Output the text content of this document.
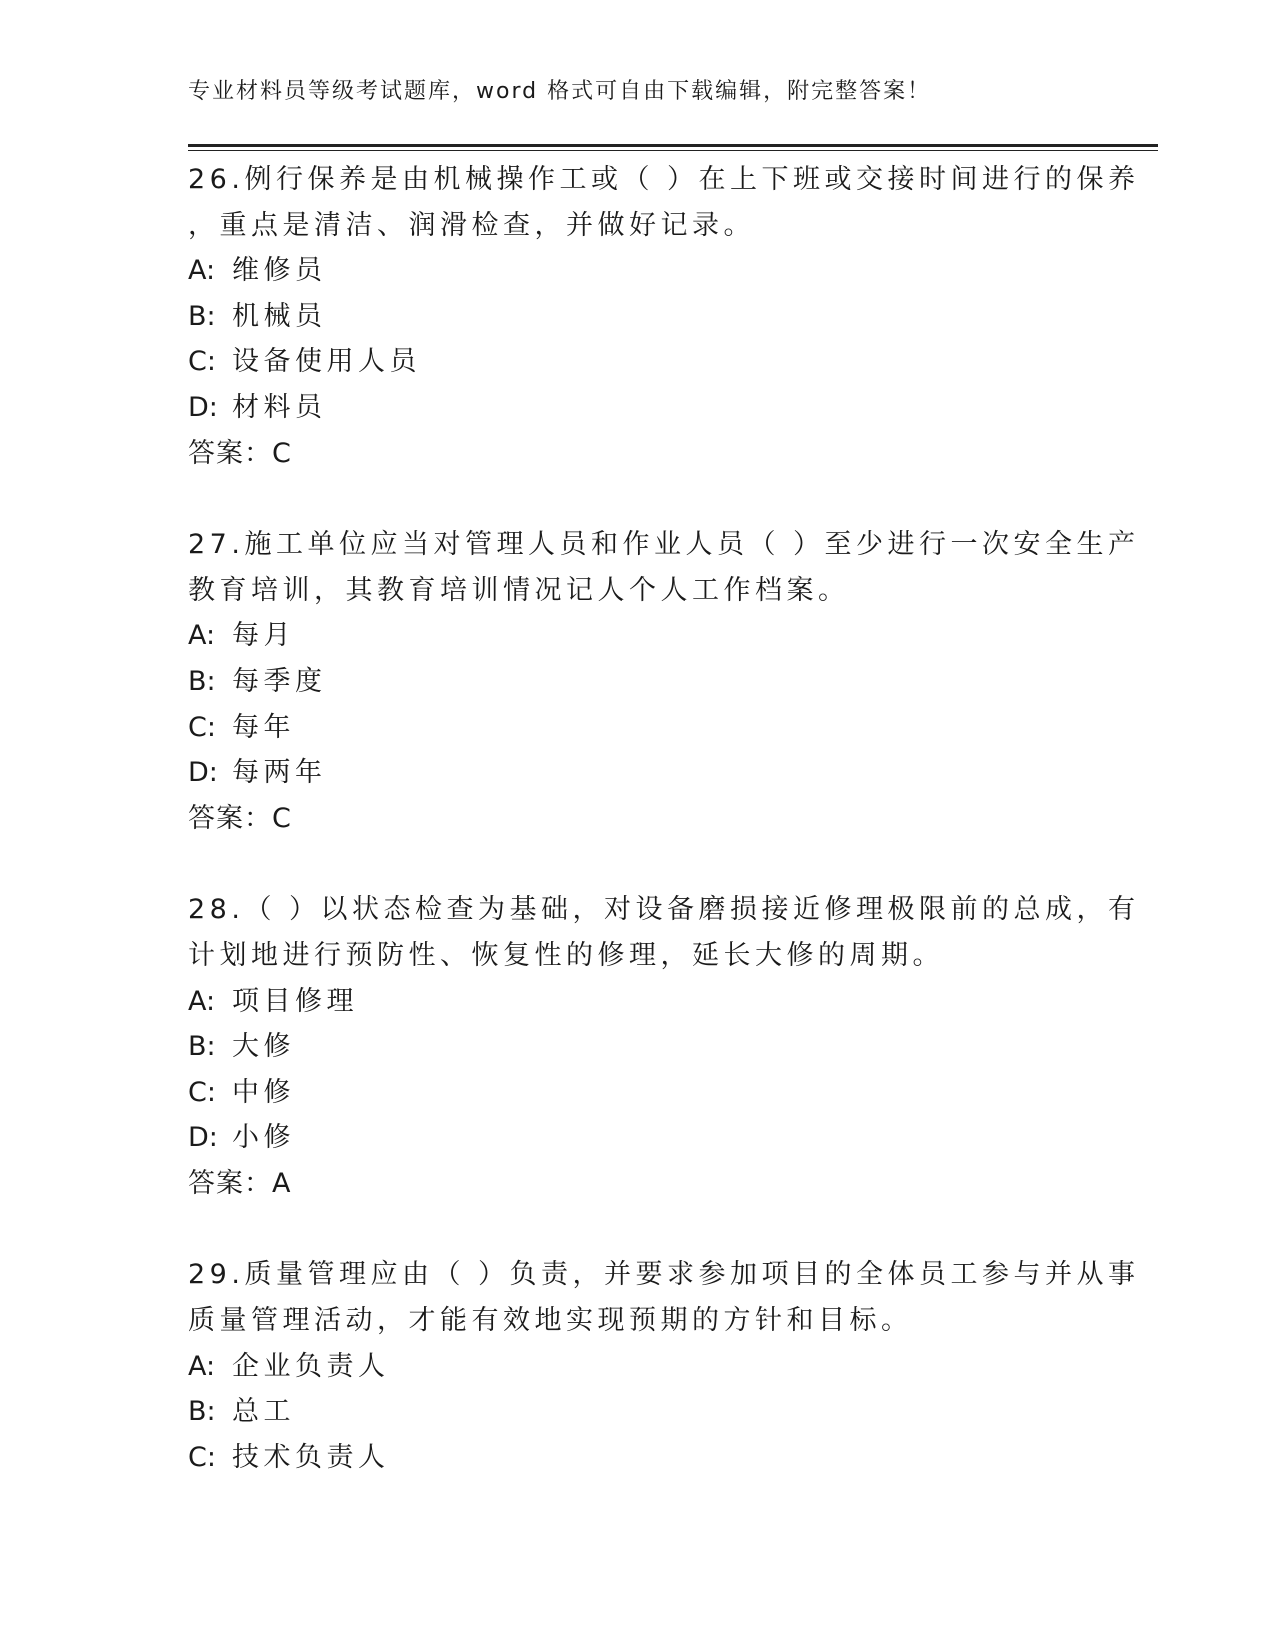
专业材料员等级考试题库，word 格式可自由下载编辑，附完整答案！
26.例行保养是由机械操作工或（ ）在上下班或交接时间进行的保养
，重点是清洁、润滑检查，并做好记录。
A: 维修员
B: 机械员
C: 设备使用人员
D: 材料员
答案：C
27.施工单位应当对管理人员和作业人员（ ）至少进行一次安全生产
教育培训，其教育培训情况记人个人工作档案。
A: 每月
B: 每季度
C: 每年
D: 每两年
答案：C
28.（ ）以状态检查为基础，对设备磨损接近修理极限前的总成，有
计划地进行预防性、恢复性的修理，延长大修的周期。
A: 项目修理
B: 大修
C: 中修
D: 小修
答案：A
29.质量管理应由（ ）负责，并要求参加项目的全体员工参与并从事
质量管理活动，才能有效地实现预期的方针和目标。
A: 企业负责人
B: 总工
C: 技术负责人
